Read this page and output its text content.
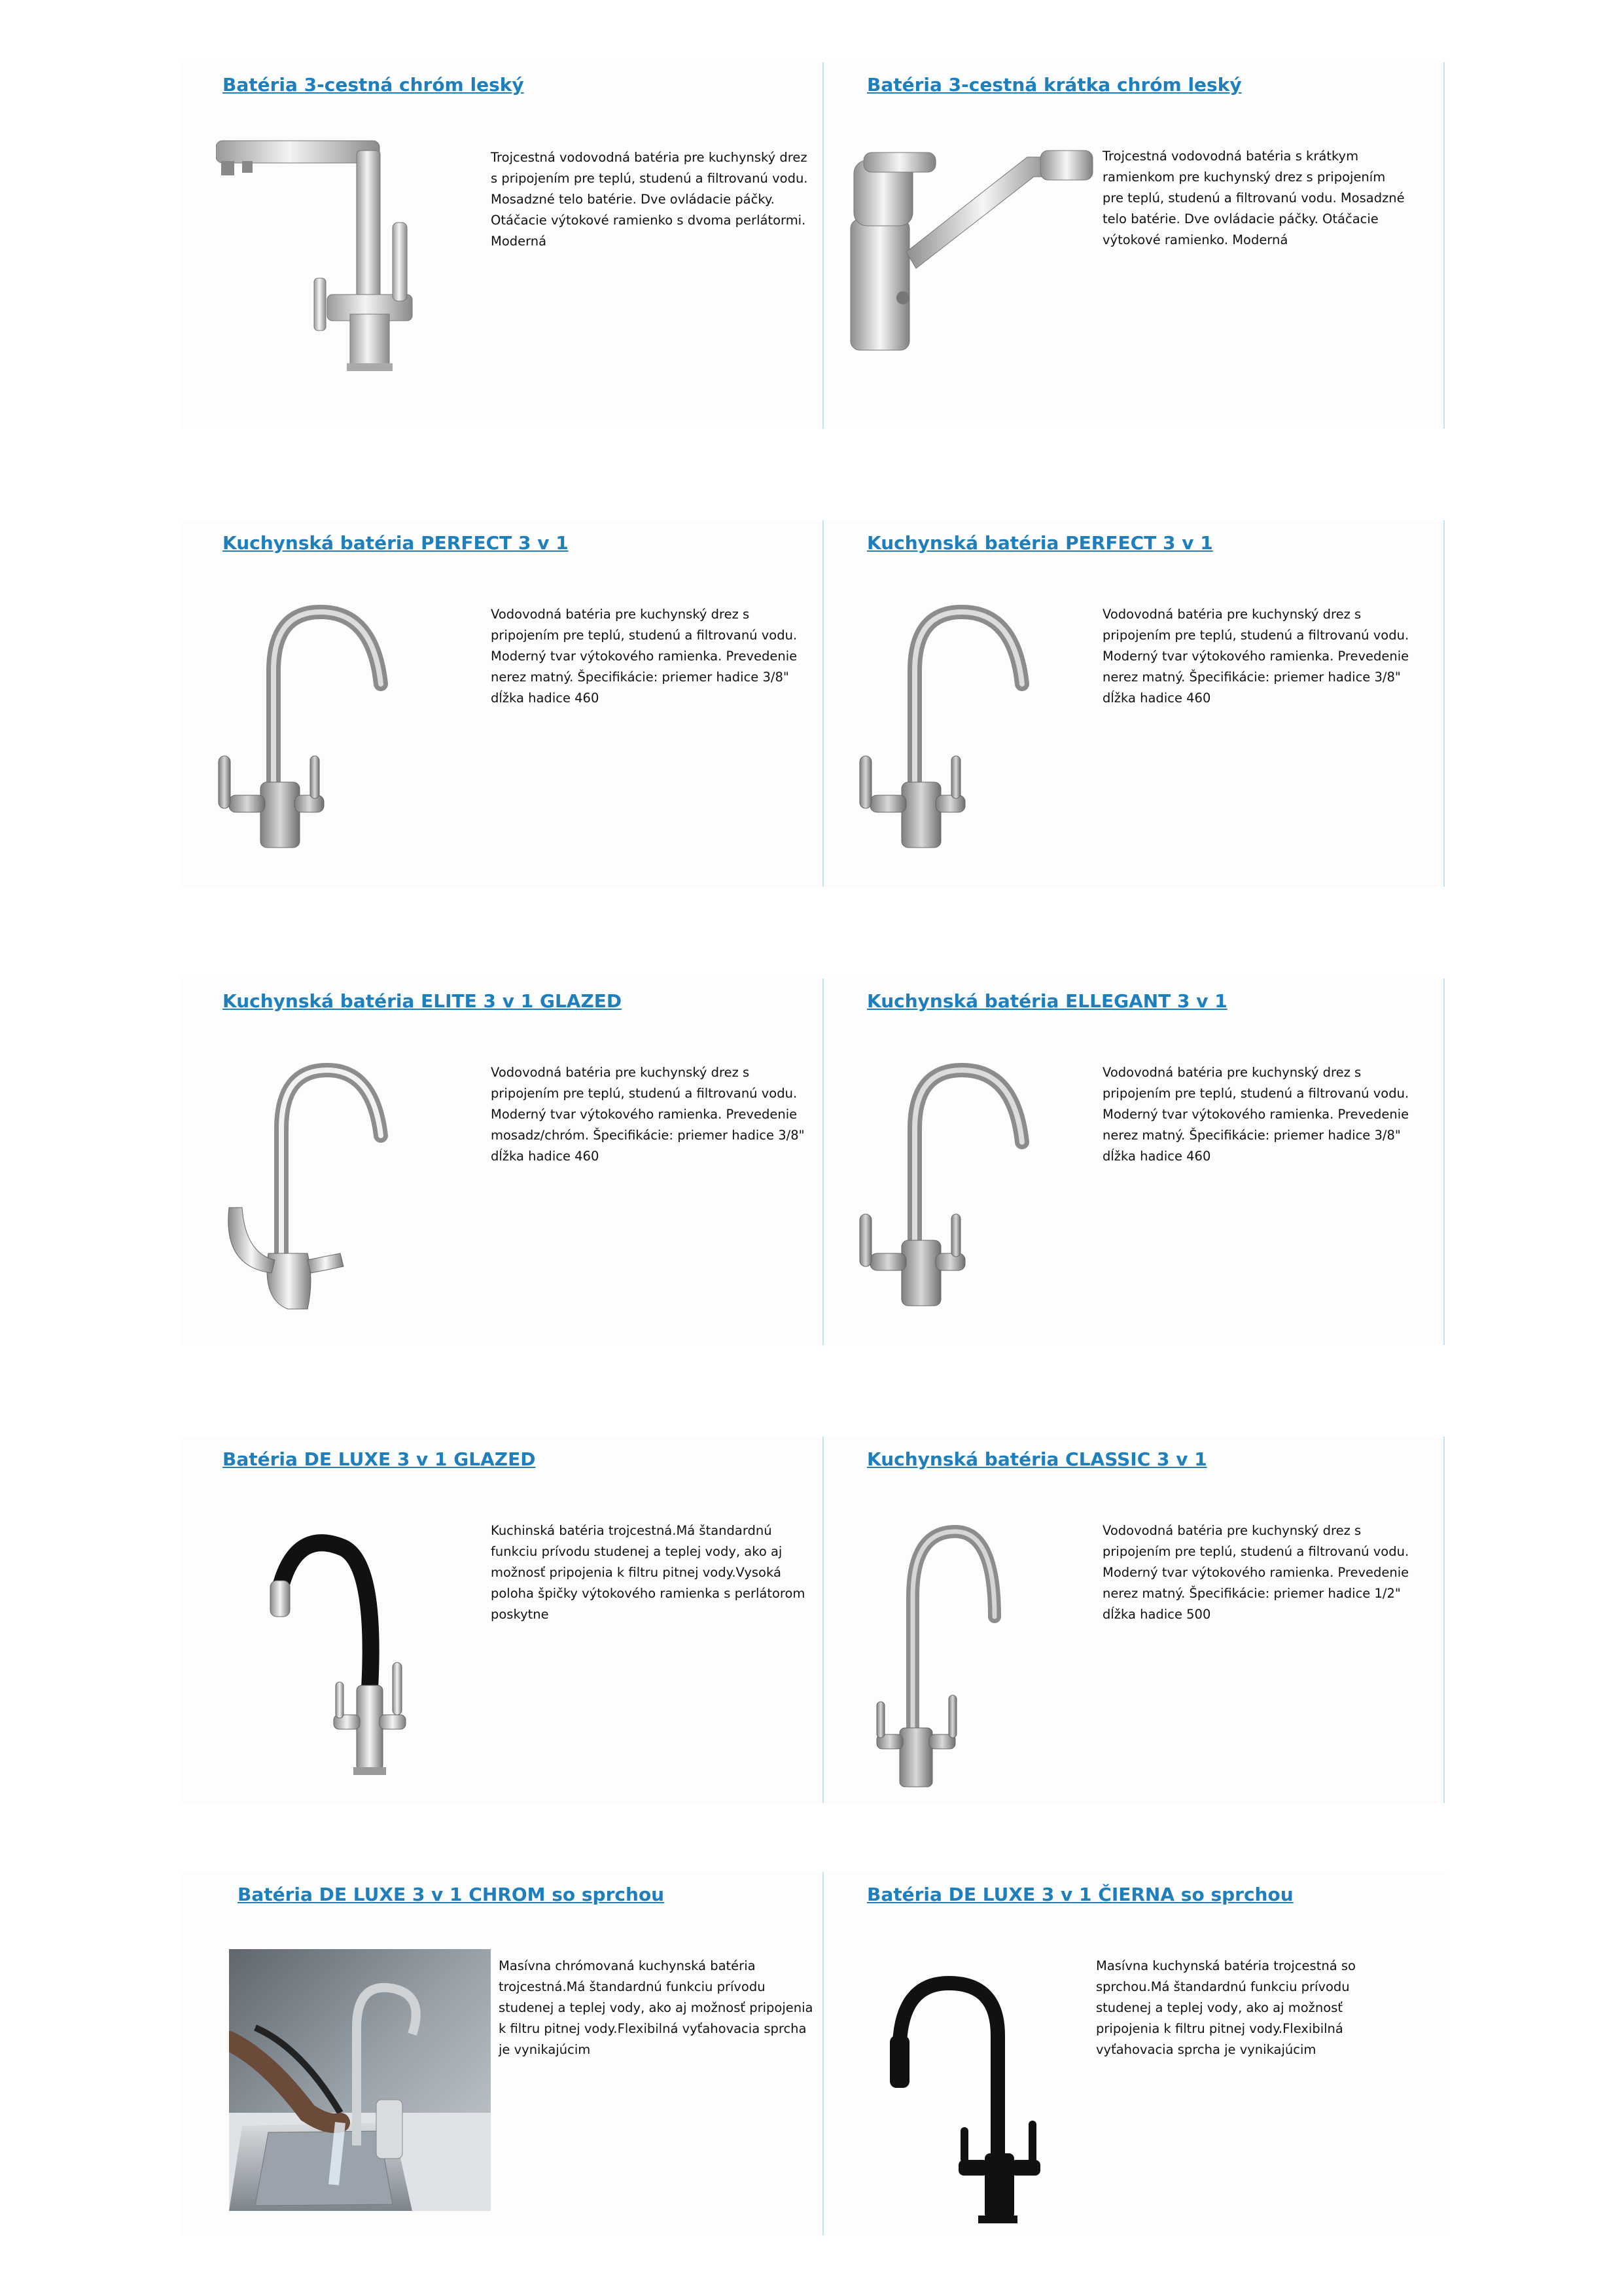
Batéria 3-cestná chróm leský
Trojcestná vodovodná batéria pre kuchynský drez s pripojením pre teplú, studenú a filtrovanú vodu. Mosadzné telo batérie. Dve ovládacie páčky. Otáčacie výtokové ramienko s dvoma perlátormi. Moderná
Batéria 3-cestná krátka chróm leský
Trojcestná vodovodná batéria s krátkym ramienkom pre kuchynský drez s pripojením pre teplú, studenú a filtrovanú vodu. Mosadzné telo batérie. Dve ovládacie páčky. Otáčacie výtokové ramienko. Moderná
Kuchynská batéria PERFECT 3 v 1
Vodovodná batéria pre kuchynský drez s pripojením pre teplú, studenú a filtrovanú vodu. Moderný tvar výtokového ramienka. Prevedenie nerez matný. Špecifikácie: priemer hadice 3/8" dĺžka hadice 460
Kuchynská batéria PERFECT 3 v 1
Vodovodná batéria pre kuchynský drez s pripojením pre teplú, studenú a filtrovanú vodu. Moderný tvar výtokového ramienka. Prevedenie nerez matný. Špecifikácie: priemer hadice 3/8" dĺžka hadice 460
Kuchynská batéria ELITE 3 v 1 GLAZED
Vodovodná batéria pre kuchynský drez s pripojením pre teplú, studenú a filtrovanú vodu. Moderný tvar výtokového ramienka. Prevedenie mosadz/chróm. Špecifikácie: priemer hadice 3/8" dĺžka hadice 460
Kuchynská batéria ELLEGANT 3 v 1
Vodovodná batéria pre kuchynský drez s pripojením pre teplú, studenú a filtrovanú vodu. Moderný tvar výtokového ramienka. Prevedenie nerez matný. Špecifikácie: priemer hadice 3/8" dĺžka hadice 460
Batéria DE LUXE 3 v 1 GLAZED
Kuchinská batéria trojcestná.Má štandardnú funkciu prívodu studenej a teplej vody, ako aj možnosť pripojenia k filtru pitnej vody.Vysoká poloha špičky výtokového ramienka s perlátorom poskytne
Kuchynská batéria CLASSIC 3 v 1
Vodovodná batéria pre kuchynský drez s pripojením pre teplú, studenú a filtrovanú vodu. Moderný tvar výtokového ramienka. Prevedenie nerez matný. Špecifikácie: priemer hadice 1/2" dĺžka hadice 500
Batéria DE LUXE 3 v 1 CHROM so sprchou
Masívna chrómovaná kuchynská batéria trojcestná.Má štandardnú funkciu prívodu studenej a teplej vody, ako aj možnosť pripojenia k filtru pitnej vody.Flexibilná vyťahovacia sprcha je vynikajúcim
Batéria DE LUXE 3 v 1 ČIERNA so sprchou
Masívna kuchynská batéria trojcestná so sprchou.Má štandardnú funkciu prívodu studenej a teplej vody, ako aj možnosť pripojenia k filtru pitnej vody.Flexibilná vyťahovacia sprcha je vynikajúcim
